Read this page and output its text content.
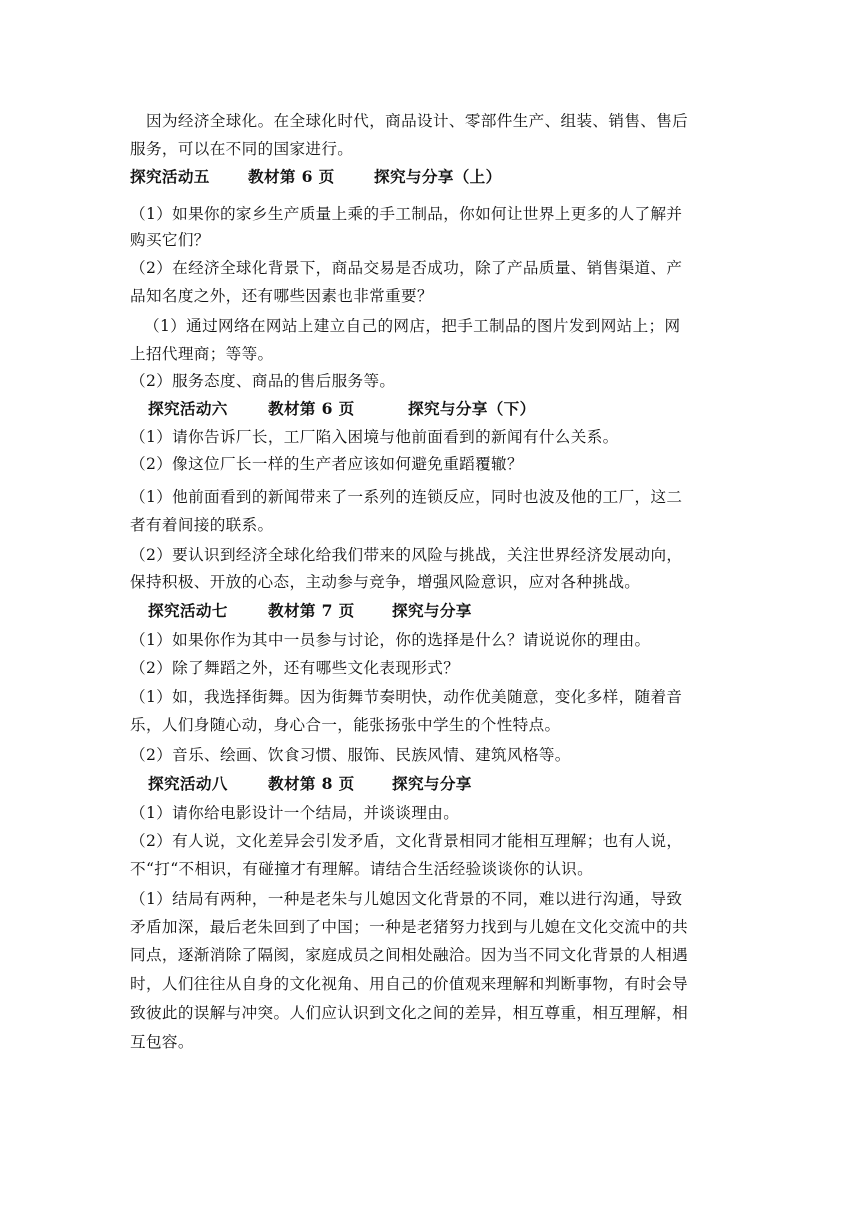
因为经济全球化。在全球化时代，商品设计、零部件生产、组装、销售、售后
服务，可以在不同的国家进行。
探究活动五 教材第 6 页	探究与分享（上）
（1）如果你的家乡生产质量上乘的手工制品，你如何让世界上更多的人了解并
购买它们？
（2）在经济全球化背景下，商品交易是否成功，除了产品质量、销售渠道、产
品知名度之外，还有哪些因素也非常重要？
（1）通过网络在网站上建立自己的网店，把手工制品的图片发到网站上；网
上招代理商；等等。
（2）服务态度、商品的售后服务等。
探究活动六	教材第 6 页	探究与分享（下）
（1）请你告诉厂长，工厂陷入困境与他前面看到的新闻有什么关系。
（2）像这位厂长一样的生产者应该如何避免重蹈覆辙？
（1）他前面看到的新闻带来了一系列的连锁反应，同时也波及他的工厂，这二
者有着间接的联系。
（2）要认识到经济全球化给我们带来的风险与挑战，关注世界经济发展动向，
保持积极、开放的心态，主动参与竞争，增强风险意识，应对各种挑战。
探究活动七	教材第 7 页 探究与分享
（1）如果你作为其中一员参与讨论，你的选择是什么？请说说你的理由。
（2）除了舞蹈之外，还有哪些文化表现形式？
（1）如，我选择街舞。因为街舞节奏明快，动作优美随意，变化多样，随着音
乐，人们身随心动，身心合一，能张扬张中学生的个性特点。
（2）音乐、绘画、饮食习惯、服饰、民族风情、建筑风格等。
探究活动八	教材第 8 页 探究与分享
（1）请你给电影设计一个结局，并谈谈理由。
（2）有人说，文化差异会引发矛盾，文化背景相同才能相互理解；也有人说，
不“打“不相识，有碰撞才有理解。请结合生活经验谈谈你的认识。
（1）结局有两种，一种是老朱与儿媳因文化背景的不同，难以进行沟通，导致
矛盾加深，最后老朱回到了中国；一种是老猪努力找到与儿媳在文化交流中的共
同点，逐渐消除了隔阂，家庭成员之间相处融洽。因为当不同文化背景的人相遇
时，人们往往从自身的文化视角、用自己的价值观来理解和判断事物，有时会导
致彼此的误解与冲突。人们应认识到文化之间的差异，相互尊重，相互理解，相
互包容。
